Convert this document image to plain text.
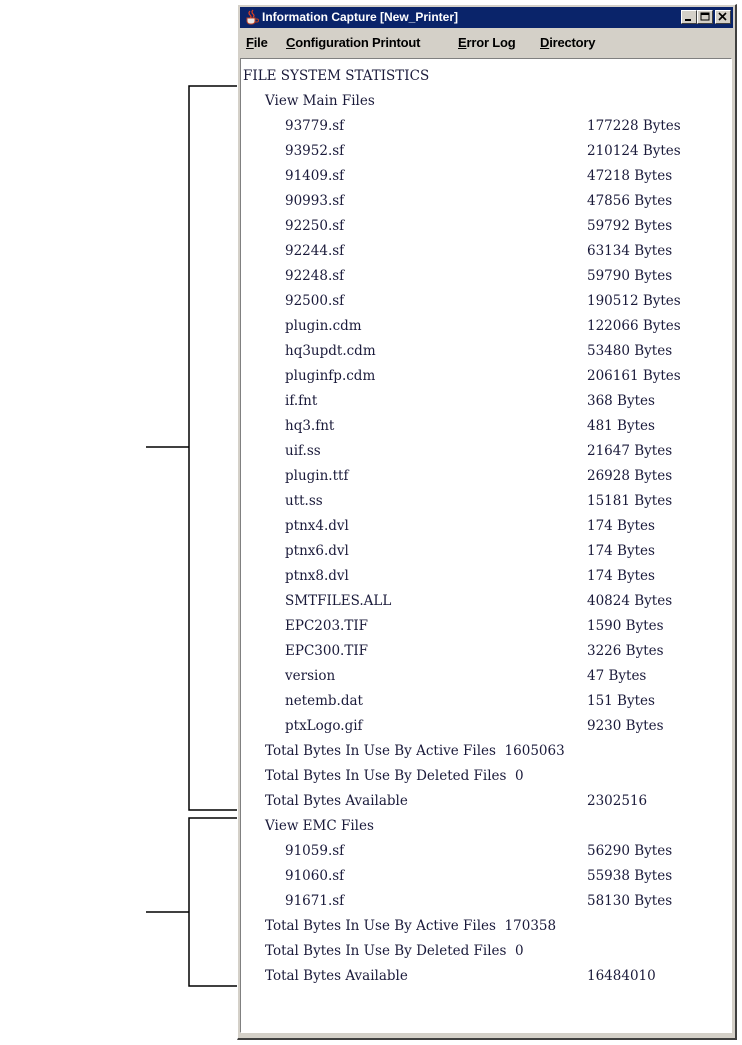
Information Capture [New_Printer]
File Configuration Printout	Error Log Directory
FILE SYSTEM STATISTICS
View Main Files
93779.sf	177228 Bytes
93952.sf	210124 Bytes
91409.sf	47218 Bytes
90993.sf	47856 Bytes
92250.sf	59792 Bytes
92244.sf	63134 Bytes
92248.sf	59790 Bytes
92500.sf	190512 Bytes
plugin.cdm	122066 Bytes
hq3updt.cdm	53480 Bytes
pluginfp.cdm	206161 Bytes
if.fnt	368 Bytes
hq3.fnt	481 Bytes
uif.ss	21647 Bytes
plugin.ttf	26928 Bytes
utt.ss	15181 Bytes
ptnx4.dvl	174 Bytes
ptnx6.dvl	174 Bytes
ptnx8.dvl	174 Bytes
SMTFILES.ALL	40824 Bytes
EPC203.TIF	1590 Bytes
EPC300.TIF	3226 Bytes
version	47 Bytes
netemb.dat	151 Bytes
ptxLogo.gif	9230 Bytes
Total Bytes In Use By Active Files  1605063
Total Bytes In Use By Deleted Files  0
Total Bytes Available	2302516
View EMC Files
91059.sf	56290 Bytes
91060.sf	55938 Bytes
91671.sf	58130 Bytes
Total Bytes In Use By Active Files  170358
Total Bytes In Use By Deleted Files  0
Total Bytes Available	16484010
